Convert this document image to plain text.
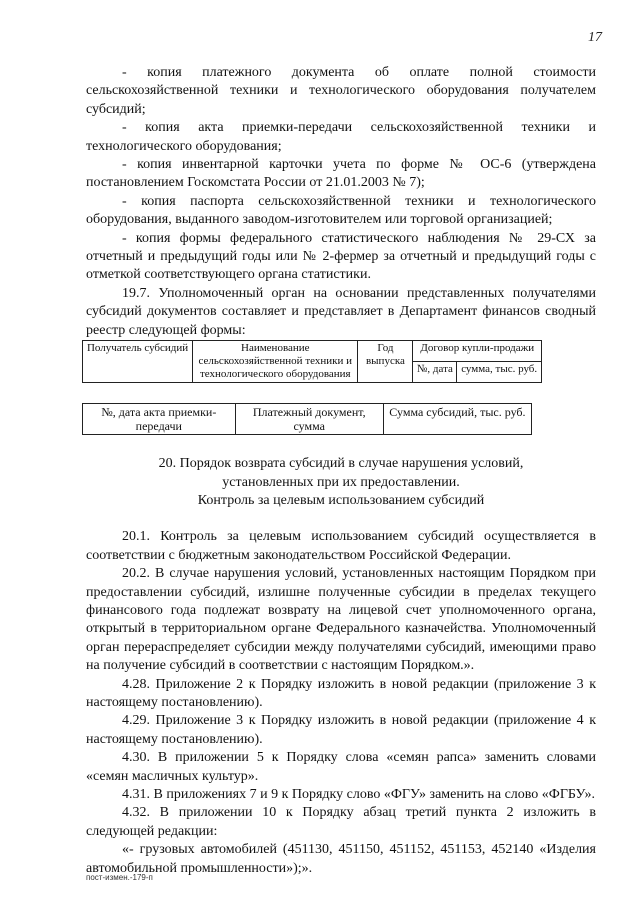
17

- копия платежного документа об оплате полной стоимости сельскохозяйственной техники и технологического оборудования получателем субсидий;

- копия акта приемки-передачи сельскохозяйственной техники и технологического оборудования;

- копия инвентарной карточки учета по форме № ОС-6 (утверждена постановлением Госкомстата России от 21.01.2003 № 7);

- копия паспорта сельскохозяйственной техники и технологического оборудования, выданного заводом-изготовителем или торговой организацией;

- копия формы федерального статистического наблюдения № 29-СХ за отчетный и предыдущий годы или № 2-фермер за отчетный и предыдущий годы с отметкой соответствующего органа статистики.

19.7. Уполномоченный орган на основании представленных получателями субсидий документов составляет и представляет в Департамент финансов сводный реестр следующей формы:

Получатель субсидий	Наименование сельскохозяйственной техники и технологического оборудования	Год выпуска	Договор купли-продажи	
			№, дата	сумма, тыс. руб.
№, дата акта приемки-передачи	Платежный документ, сумма	Сумма субсидий, тыс. руб.
20. Порядок возврата субсидий в случае нарушения условий,
установленных при их предоставлении.
Контроль за целевым использованием субсидий

20.1. Контроль за целевым использованием субсидий осуществляется в соответствии с бюджетным законодательством Российской Федерации.

20.2. В случае нарушения условий, установленных настоящим Порядком при предоставлении субсидий, излишне полученные субсидии в пределах текущего финансового года подлежат возврату на лицевой счет уполномоченного органа, открытый в территориальном органе Федерального казначейства. Уполномоченный орган перераспределяет субсидии между получателями субсидий, имеющими право на получение субсидий в соответствии с настоящим Порядком.».

4.28. Приложение 2 к Порядку изложить в новой редакции (приложение 3 к настоящему постановлению).

4.29. Приложение 3 к Порядку изложить в новой редакции (приложение 4 к настоящему постановлению).

4.30. В приложении 5 к Порядку слова «семян рапса» заменить словами «семян масличных культур».

4.31. В приложениях 7 и 9 к Порядку слово «ФГУ» заменить на слово «ФГБУ».

4.32. В приложении 10 к Порядку абзац третий пункта 2 изложить в следующей редакции:

«- грузовых автомобилей (451130, 451150, 451152, 451153, 452140 «Изделия автомобильной промышленности»);».

пост-измен.-179-п
